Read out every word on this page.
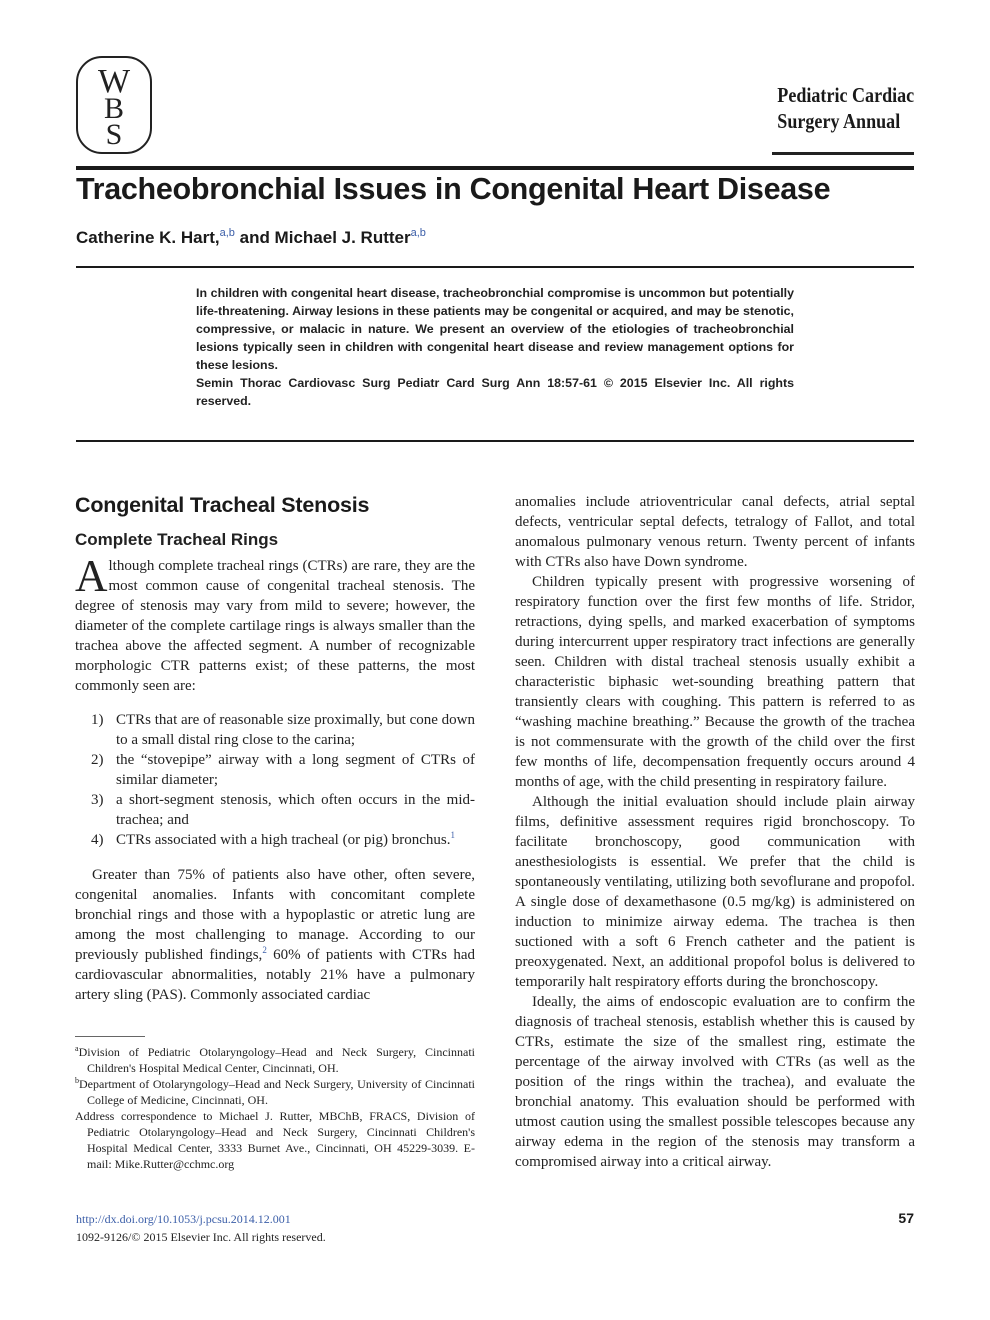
W
B
S
Pediatric Cardiac
Surgery Annual
Tracheobronchial Issues in Congenital Heart Disease
Catherine K. Hart,$^{a,b}$ and Michael J. Rutter$^{a,b}$

In children with congenital heart disease, tracheobronchial compromise is uncommon but potentially life-threatening. Airway lesions in these patients may be congenital or acquired, and may be stenotic, compressive, or malacic in nature. We present an overview of the etiologies of tracheobronchial lesions typically seen in children with congenital heart disease and review management options for these lesions.

Semin Thorac Cardiovasc Surg Pediatr Card Surg Ann 18:57-61 © 2015 Elsevier Inc. All rights reserved.

Congenital Tracheal Stenosis
Complete Tracheal Rings

Although complete tracheal rings (CTRs) are rare, they are the most common cause of congenital tracheal stenosis. The degree of stenosis may vary from mild to severe; however, the diameter of the complete cartilage rings is always smaller than the trachea above the affected segment. A number of recognizable morphologic CTR patterns exist; of these patterns, the most commonly seen are:

1) CTRs that are of reasonable size proximally, but cone down to a small distal ring close to the carina;
2) the “stovepipe” airway with a long segment of CTRs of similar diameter;
3) a short-segment stenosis, which often occurs in the mid-trachea; and
4) CTRs associated with a high tracheal (or pig) bronchus.$^1$

Greater than 75% of patients also have other, often severe, congenital anomalies. Infants with concomitant complete bronchial rings and those with a hypoplastic or atretic lung are among the most challenging to manage. According to our previously published findings,$^2$ 60% of patients with CTRs had cardiovascular abnormalities, notably 21% have a pulmonary artery sling (PAS). Commonly associated cardiac

$^a$Division of Pediatric Otolaryngology–Head and Neck Surgery, Cincinnati Children's Hospital Medical Center, Cincinnati, OH.

$^b$Department of Otolaryngology–Head and Neck Surgery, University of Cincinnati College of Medicine, Cincinnati, OH.

Address correspondence to Michael J. Rutter, MBChB, FRACS, Division of Pediatric Otolaryngology–Head and Neck Surgery, Cincinnati Children's Hospital Medical Center, 3333 Burnet Ave., Cincinnati, OH 45229-3039. E-mail: Mike.Rutter@cchmc.org

anomalies include atrioventricular canal defects, atrial septal defects, ventricular septal defects, tetralogy of Fallot, and total anomalous pulmonary venous return. Twenty percent of infants with CTRs also have Down syndrome.

Children typically present with progressive worsening of respiratory function over the first few months of life. Stridor, retractions, dying spells, and marked exacerbation of symptoms during intercurrent upper respiratory tract infections are generally seen. Children with distal tracheal stenosis usually exhibit a characteristic biphasic wet-sounding breathing pattern that transiently clears with coughing. This pattern is referred to as “washing machine breathing.” Because the growth of the trachea is not commensurate with the growth of the child over the first few months of life, decompensation frequently occurs around 4 months of age, with the child presenting in respiratory failure.

Although the initial evaluation should include plain airway films, definitive assessment requires rigid bronchoscopy. To facilitate bronchoscopy, good communication with anesthesiologists is essential. We prefer that the child is spontaneously ventilating, utilizing both sevoflurane and propofol. A single dose of dexamethasone (0.5 mg/kg) is administered on induction to minimize airway edema. The trachea is then suctioned with a soft 6 French catheter and the patient is preoxygenated. Next, an additional propofol bolus is delivered to temporarily halt respiratory efforts during the bronchoscopy.

Ideally, the aims of endoscopic evaluation are to confirm the diagnosis of tracheal stenosis, establish whether this is caused by CTRs, estimate the size of the smallest ring, estimate the percentage of the airway involved with CTRs (as well as the position of the rings within the trachea), and evaluate the bronchial anatomy. This evaluation should be performed with utmost caution using the smallest possible telescopes because any airway edema in the region of the stenosis may transform a compromised airway into a critical airway.

http://dx.doi.org/10.1053/j.pcsu.2014.12.001
1092-9126/© 2015 Elsevier Inc. All rights reserved.
57
